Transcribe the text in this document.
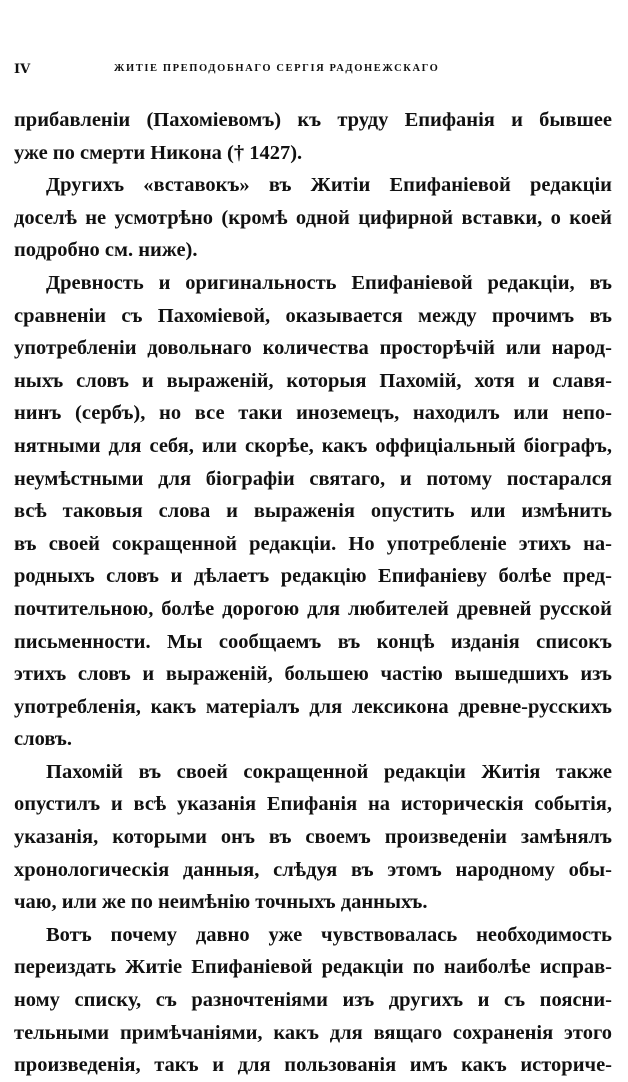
IV	ЖИТІЕ ПРЕПОДОБНАГО СЕРГІЯ РАДОНЕЖСКАГО
прибавленіи (Пахоміевомъ) къ труду Епифанія и бывшее
уже по смерти Никона († 1427).
Другихъ «вставокъ» въ Житіи Епифаніевой редакціи
доселѣ не усмотрѣно (кромѣ одной цифирной вставки, о коей
подробно см. ниже).
Древность и оригинальность Епифаніевой редакціи, въ
сравненіи съ Пахоміевой, оказывается между прочимъ въ
употребленіи довольнаго количества просторѣчій или народ-
ныхъ словъ и выраженій, которыя Пахомій, хотя и славя-
нинъ (сербъ), но все таки иноземецъ, находилъ или непо-
нятными для себя, или скорѣе, какъ оффиціальный біографъ,
неумѣстными для біографіи святаго, и потому постарался
всѣ таковыя слова и выраженія опустить или измѣнить
въ своей сокращенной редакціи. Но употребленіе этихъ на-
родныхъ словъ и дѣлаетъ редакцію Епифаніеву болѣе пред-
почтительною, болѣе дорогою для любителей древней русской
письменности. Мы сообщаемъ въ концѣ изданія списокъ
этихъ словъ и выраженій, большею частію вышедшихъ изъ
употребленія, какъ матеріалъ для лексикона древне-русскихъ
словъ.
Пахомій въ своей сокращенной редакціи Житія также
опустилъ и всѣ указанія Епифанія на историческія событія,
указанія, которыми онъ въ своемъ произведеніи замѣнялъ
хронологическія данныя, слѣдуя въ этомъ народному обы-
чаю, или же по неимѣнію точныхъ данныхъ.
Вотъ почему давно уже чувствовалась необходимость
переиздать Житіе Епифаніевой редакціи по наиболѣе исправ-
ному списку, съ разночтеніями изъ другихъ и съ поясни-
тельными примѣчаніями, какъ для вящаго сохраненія этого
произведенія, такъ и для пользованія имъ какъ историче-
